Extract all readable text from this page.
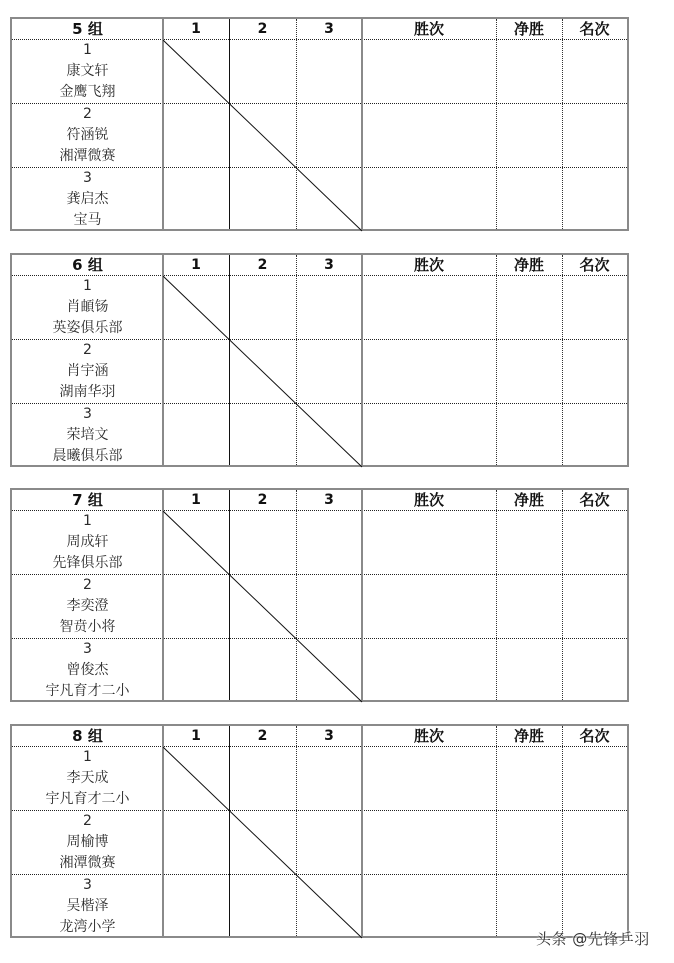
5 组	1	2	3	胜次	净胜	名次
1
康文轩
金鹰飞翔
2
符涵锐
湘潭微赛
3
龚启杰
宝马
6 组	1	2	3	胜次	净胜	名次
1
肖頔钖
英姿俱乐部
2
肖宇涵
湖南华羽
3
荣培文
晨曦俱乐部
7 组	1	2	3	胜次	净胜	名次
1
周成轩
先锋俱乐部
2
李奕澄
智贲小将
3
曾俊杰
宇凡育才二小
8 组	1	2	3	胜次	净胜	名次
1
李天成
宇凡育才二小
2
周榆博
湘潭微赛
3
吴楷泽
龙湾小学
头条 @先锋乒羽
